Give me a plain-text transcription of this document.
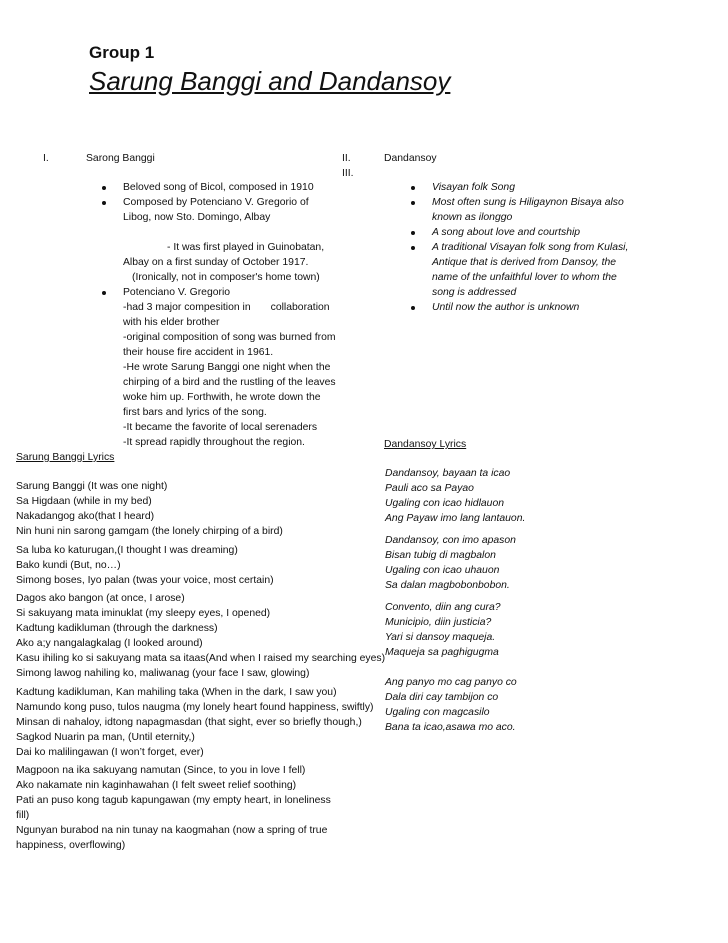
Group 1
Sarung Banggi and Dandansoy
I.	Sarong Banggi	II.
III.
Dandansoy
Beloved song of Bicol, composed in 1910
Composed by Potenciano V. Gregorio of
Libog, now Sto. Domingo, Albay
- It was first played in Guinobatan,
Albay on a first sunday of October 1917.
(Ironically, not in composer's home town)
Potenciano V. Gregorio
-had 3 major compesition in collaboration
with his elder brother
-original composition of song was burned from
their house fire accident in 1961.
-He wrote Sarung Banggi one night when the
chirping of a bird and the rustling of the leaves
woke him up. Forthwith, he wrote down the
first bars and lyrics of the song.
-It became the favorite of local serenaders
-It spread rapidly throughout the region.
Visayan folk Song
Most often sung is Hiligaynon Bisaya also
known as ilonggo
A song about love and courtship
A traditional Visayan folk song from Kulasi,
Antique that is derived from Dansoy, the
name of the unfaithful lover to whom the
song is addressed
Until now the author is unknown
Dandansoy Lyrics
Dandansoy, bayaan ta icao
Pauli aco sa Payao
Ugaling con icao hidlauon
Ang Payaw imo lang lantauon.
Dandansoy, con imo apason
Bisan tubig di magbalon
Ugaling con icao uhauon
Sa dalan magbobonbobon.
Convento, diin ang cura?
Municipio, diin justicia?
Yari si dansoy maqueja.
Maqueja sa paghigugma
Ang panyo mo cag panyo co
Dala diri cay tambijon co
Ugaling con magcasilo
Bana ta icao,asawa mo aco.
Sarung Banggi Lyrics
Sarung Banggi (It was one night)
Sa Higdaan (while in my bed)
Nakadangog ako(that I heard)
Nin huni nin sarong gamgam (the lonely chirping of a bird)
Sa luba ko katurugan,(I thought I was dreaming)
Bako kundi (But, no…)
Simong boses, Iyo palan (twas your voice, most certain)
Dagos ako bangon (at once, I arose)
Si sakuyang mata iminuklat (my sleepy eyes, I opened)
Kadtung kadikluman (through the darkness)
Ako a;y nangalagkalag (I looked around)
Kasu ihiling ko si sakuyang mata sa itaas(And when I raised my searching eyes)
Simong lawog nahiling ko, maliwanag (your face I saw, glowing)
Kadtung kadikluman, Kan mahiling taka (When in the dark, I saw you)
Namundo kong puso, tulos naugma (my lonely heart found happiness, swiftly)
Minsan di nahaloy, idtong napagmasdan (that sight, ever so briefly though,)
Sagkod Nuarin pa man, (Until eternity,)
Dai ko malilingawan (I won’t forget, ever)
Magpoon na ika sakuyang namutan (Since, to you in love I fell)
Ako nakamate nin kaginhawahan (I felt sweet relief soothing)
Pati an puso kong tagub kapungawan (my empty heart, in loneliness
fill)
Ngunyan burabod na nin tunay na kaogmahan (now a spring of true
happiness, overflowing)
